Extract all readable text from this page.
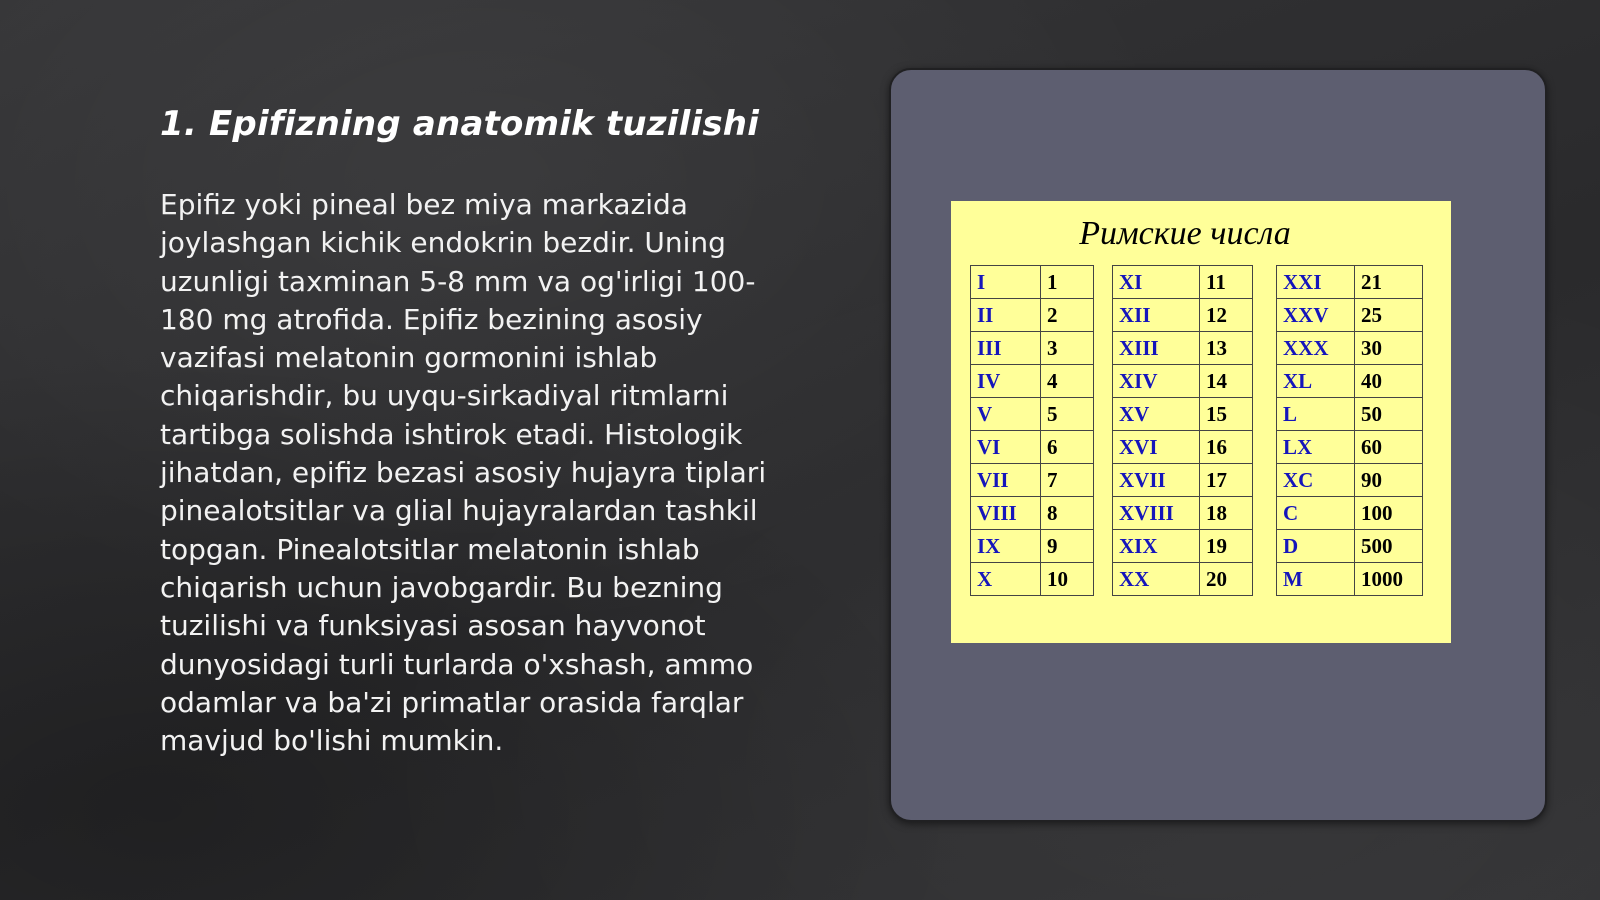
1. Epifizning anatomik tuzilishi

Epifiz yoki pineal bez miya markazida joylashgan kichik endokrin bezdir. Uning uzunligi taxminan 5-8 mm va og'irligi 100-180 mg atrofida. Epifiz bezining asosiy vazifasi melatonin gormonini ishlab chiqarishdir, bu uyqu-sirkadiyal ritmlarni tartibga solishda ishtirok etadi. Histologik jihatdan, epifiz bezasi asosiy hujayra tiplari pinealotsitlar va glial hujayralardan tashkil topgan. Pinealotsitlar melatonin ishlab chiqarish uchun javobgardir. Bu bezning tuzilishi va funksiyasi asosan hayvonot dunyosidagi turli turlarda o'xshash, ammo odamlar va ba'zi primatlar orasida farqlar mavjud bo'lishi mumkin.

Римские числа
I	1
II	2
III	3
IV	4
V	5
VI	6
VII	7
VIII	8
IX	9
X	10
XI	11
XII	12
XIII	13
XIV	14
XV	15
XVI	16
XVII	17
XVIII	18
XIX	19
XX	20
XXI	21
XXV	25
XXX	30
XL	40
L	50
LX	60
XC	90
C	100
D	500
M	1000
